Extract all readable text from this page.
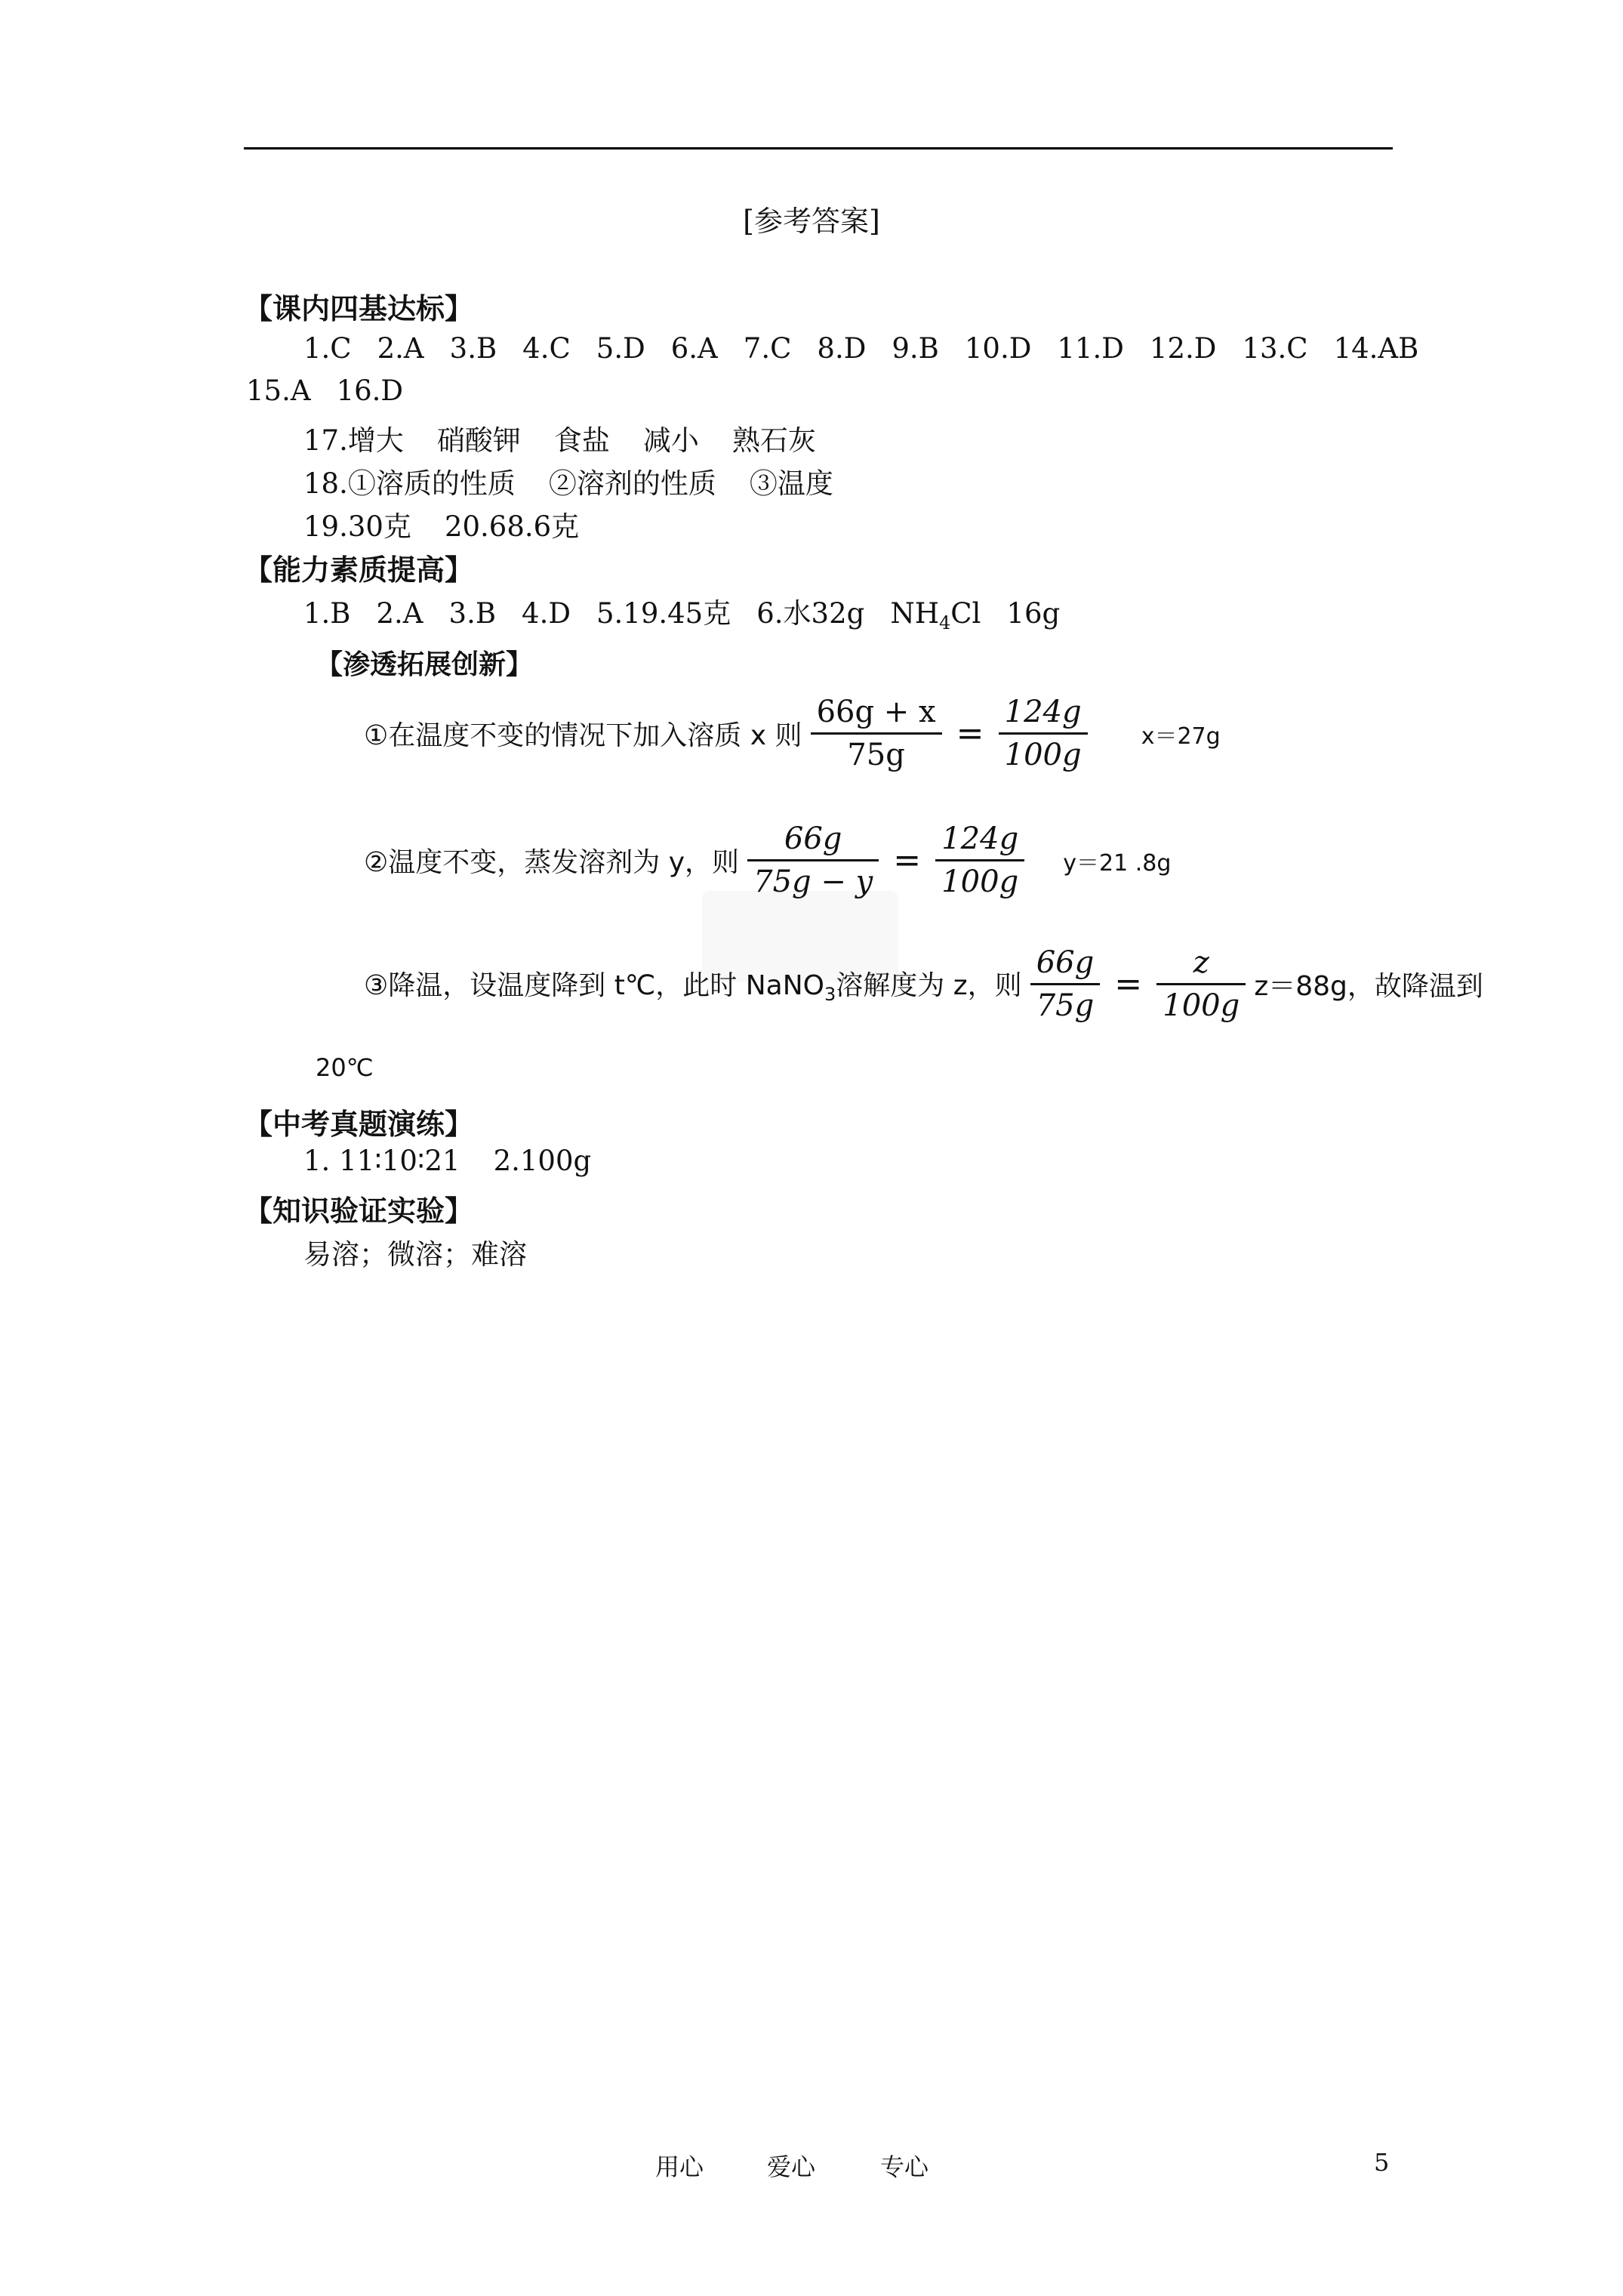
[参考答案]
【课内四基达标】
1.C 2.A 3.B 4.C 5.D 6.A 7.C 8.D 9.B 10.D 11.D 12.D 13.C 14.AB
15.A 16.D
17.增大 硝酸钾 食盐 减小 熟石灰
18.①溶质的性质 ②溶剂的性质 ③温度
19.30克 20.68.6克
【能力素质提高】
1.B 2.A 3.B 4.D 5.19.45克 6.水32g $NH_4Cl$ 16g
【渗透拓展创新】
①在温度不变的情况下加入溶质 x 则 $\frac{66g + x}{75g} = \frac{124g}{100g} x=27g$
②温度不变，蒸发溶剂为 y，则 $\frac{66g}{75g - y} = \frac{124g}{100g} y=21$ .8g
③降温，设温度降到 t℃，此时 NaNO$_3$溶解度为 z，则 $\frac{66g}{75g} = \frac{z}{100g} z=88g$，故降温到
20℃
【中考真题演练】
1. 11∶10∶21 2.100g
【知识验证实验】
易溶；微溶；难溶
用心	爱心	专心	5
